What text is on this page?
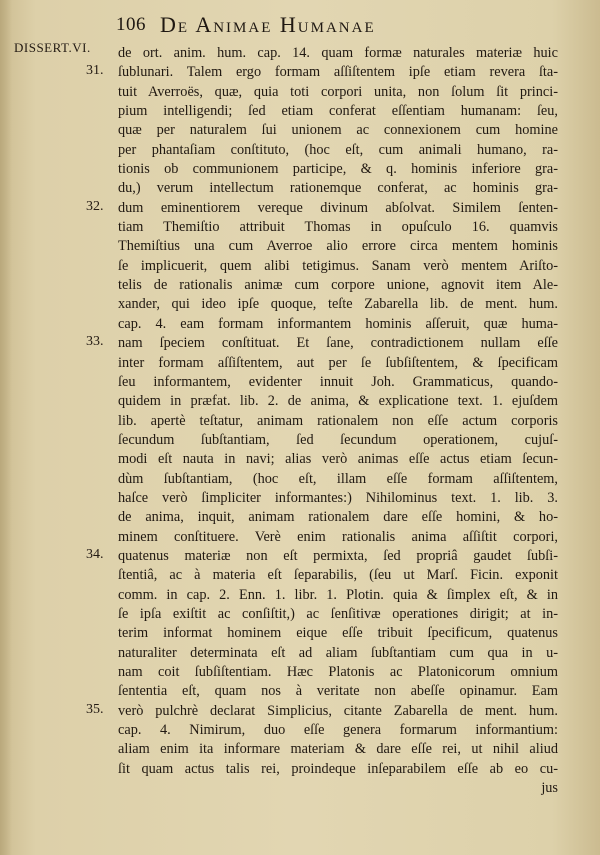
106 De Animae Humanae
DISSERT.VI.
31.
32.
33.
34.
35.
de ort. anim. hum. cap. 14. quam formæ naturales materiæ huic
ſublunari. Talem ergo formam aſſiſtentem ipſe etiam revera ſta-
tuit Averroës, quæ, quia toti corpori unita, non ſolum ſit princi-
pium intelligendi; ſed etiam conferat eſſentiam humanam: ſeu,
quæ per naturalem ſui unionem ac connexionem cum homine
per phantaſiam conſtituto, (hoc eſt, cum animali humano, ra-
tionis ob communionem participe, & q. hominis inferiore gra-
du,) verum intellectum rationemque conferat, ac hominis gra-
dum eminentiorem vereque divinum abſolvat. Similem ſenten-
tiam Themiſtio attribuit Thomas in opuſculo 16. quamvis
Themiſtius una cum Averroe alio errore circa mentem hominis
ſe implicuerit, quem alibi tetigimus. Sanam verò mentem Ariſto-
telis de rationalis animæ cum corpore unione, agnovit item Ale-
xander, qui ideo ipſe quoque, teſte Zabarella lib. de ment. hum.
cap. 4. eam formam informantem hominis aſſeruit, quæ huma-
nam ſpeciem conſtituat. Et ſane, contradictionem nullam eſſe
inter formam aſſiſtentem, aut per ſe ſubſiſtentem, & ſpecificam
ſeu informantem, evidenter innuit Joh. Grammaticus, quando-
quidem in præfat. lib. 2. de anima, & explicatione text. 1. ejuſdem
lib. apertè teſtatur, animam rationalem non eſſe actum corporis
ſecundum ſubſtantiam, ſed ſecundum operationem, cujuſ-
modi eſt nauta in navi; alias verò animas eſſe actus etiam ſecun-
dùm ſubſtantiam, (hoc eſt, illam eſſe formam aſſiſtentem,
haſce verò ſimpliciter informantes:) Nihilominus text. 1. lib. 3.
de anima, inquit, animam rationalem dare eſſe homini, & ho-
minem conſtituere. Verè enim rationalis anima aſſiſtit corpori,
quatenus materiæ non eſt permixta, ſed propriâ gaudet ſubſi-
ſtentiâ, ac à materia eſt ſeparabilis, (ſeu ut Marſ. Ficin. exponit
comm. in cap. 2. Enn. 1. libr. 1. Plotin. quia & ſimplex eſt, & in
ſe ipſa exiſtit ac conſiſtit,) ac ſenſitivæ operationes dirigit; at in-
terim informat hominem eique eſſe tribuit ſpecificum, quatenus
naturaliter determinata eſt ad aliam ſubſtantiam cum qua in u-
nam coit ſubſiſtentiam. Hæc Platonis ac Platonicorum omnium
ſententia eſt, quam nos à veritate non abeſſe opinamur. Eam
verò pulchrè declarat Simplicius, citante Zabarella de ment. hum.
cap. 4. Nimirum, duo eſſe genera formarum informantium:
aliam enim ita informare materiam & dare eſſe rei, ut nihil aliud
ſit quam actus talis rei, proindeque inſeparabilem eſſe ab eo cu-
jus
